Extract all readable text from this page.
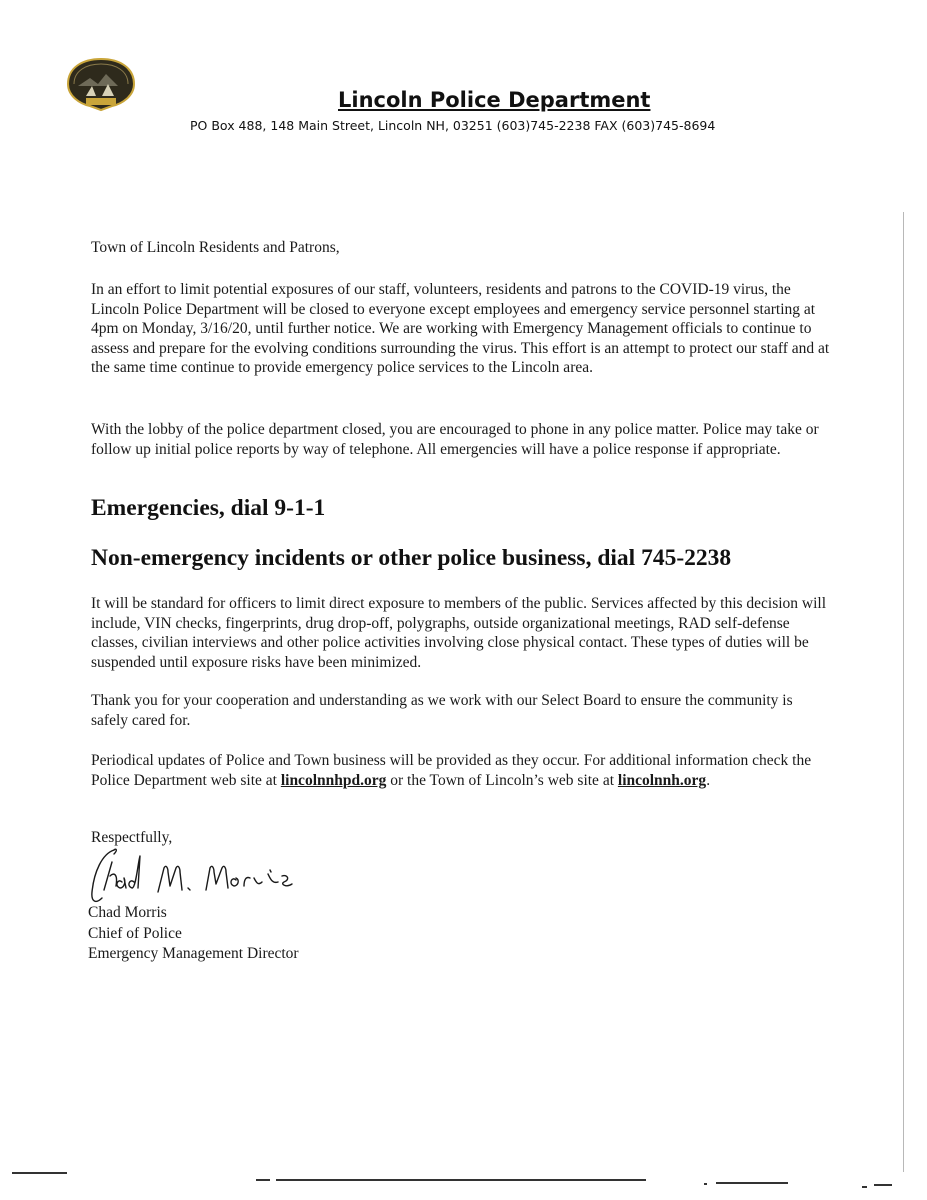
Lincoln Police Department
PO Box 488, 148 Main Street, Lincoln NH, 03251 (603)745-2238 FAX (603)745-8694

Town of Lincoln Residents and Patrons,

In an effort to limit potential exposures of our staff, volunteers, residents and patrons to the COVID-19 virus, the Lincoln Police Department will be closed to everyone except employees and emergency service personnel starting at 4pm on Monday, 3/16/20, until further notice. We are working with Emergency Management officials to continue to assess and prepare for the evolving conditions surrounding the virus. This effort is an attempt to protect our staff and at the same time continue to provide emergency police services to the Lincoln area.

With the lobby of the police department closed, you are encouraged to phone in any police matter. Police may take or follow up initial police reports by way of telephone. All emergencies will have a police response if appropriate.

Emergencies, dial 9-1-1
Non-emergency incidents or other police business, dial 745-2238

It will be standard for officers to limit direct exposure to members of the public. Services affected by this decision will include, VIN checks, fingerprints, drug drop-off, polygraphs, outside organizational meetings, RAD self-defense classes, civilian interviews and other police activities involving close physical contact. These types of duties will be suspended until exposure risks have been minimized.

Thank you for your cooperation and understanding as we work with our Select Board to ensure the community is safely cared for.

Periodical updates of Police and Town business will be provided as they occur. For additional information check the Police Department web site at lincolnnhpd.org or the Town of Lincoln’s web site at lincolnnh.org.

Respectfully,

Chad Morris
Chief of Police
Emergency Management Director
